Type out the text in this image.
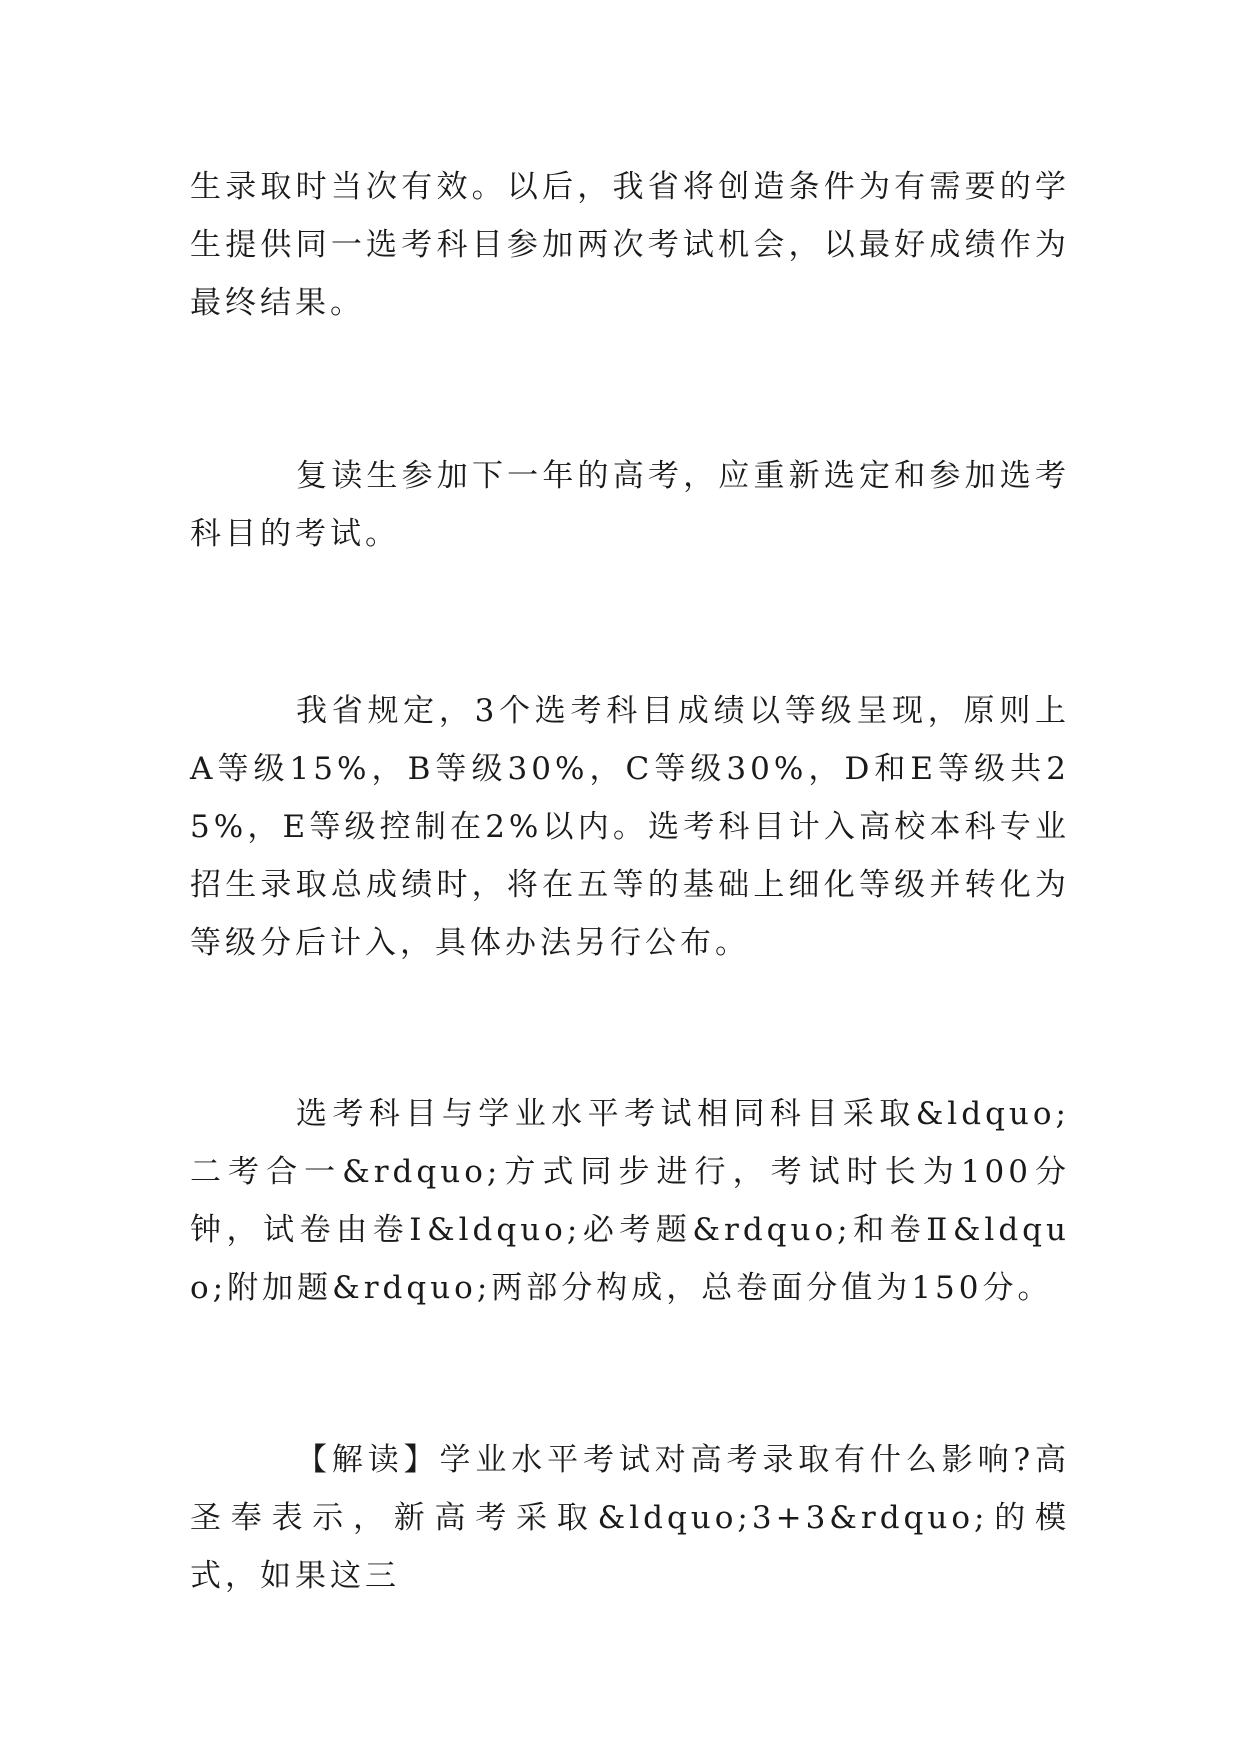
生录取时当次有效。以后，我省将创造条件为有需要的学生提供同一选考科目参加两次考试机会，以最好成绩作为最终结果。

复读生参加下一年的高考，应重新选定和参加选考科目的考试。

我省规定，3个选考科目成绩以等级呈现，原则上A等级15%，B等级30%，C等级30%，D和E等级共25%，E等级控制在2%以内。选考科目计入高校本科专业招生录取总成绩时，将在五等的基础上细化等级并转化为等级分后计入，具体办法另行公布。

选考科目与学业水平考试相同科目采取&ldquo;二考合一&rdquo;方式同步进行，考试时长为100分钟，试卷由卷Ⅰ&ldquo;必考题&rdquo;和卷Ⅱ&ldquo;附加题&rdquo;两部分构成，总卷面分值为150分。

【解读】学业水平考试对高考录取有什么影响?高圣奉表示，新高考采取&ldquo;3+3&rdquo;的模式，如果这三
